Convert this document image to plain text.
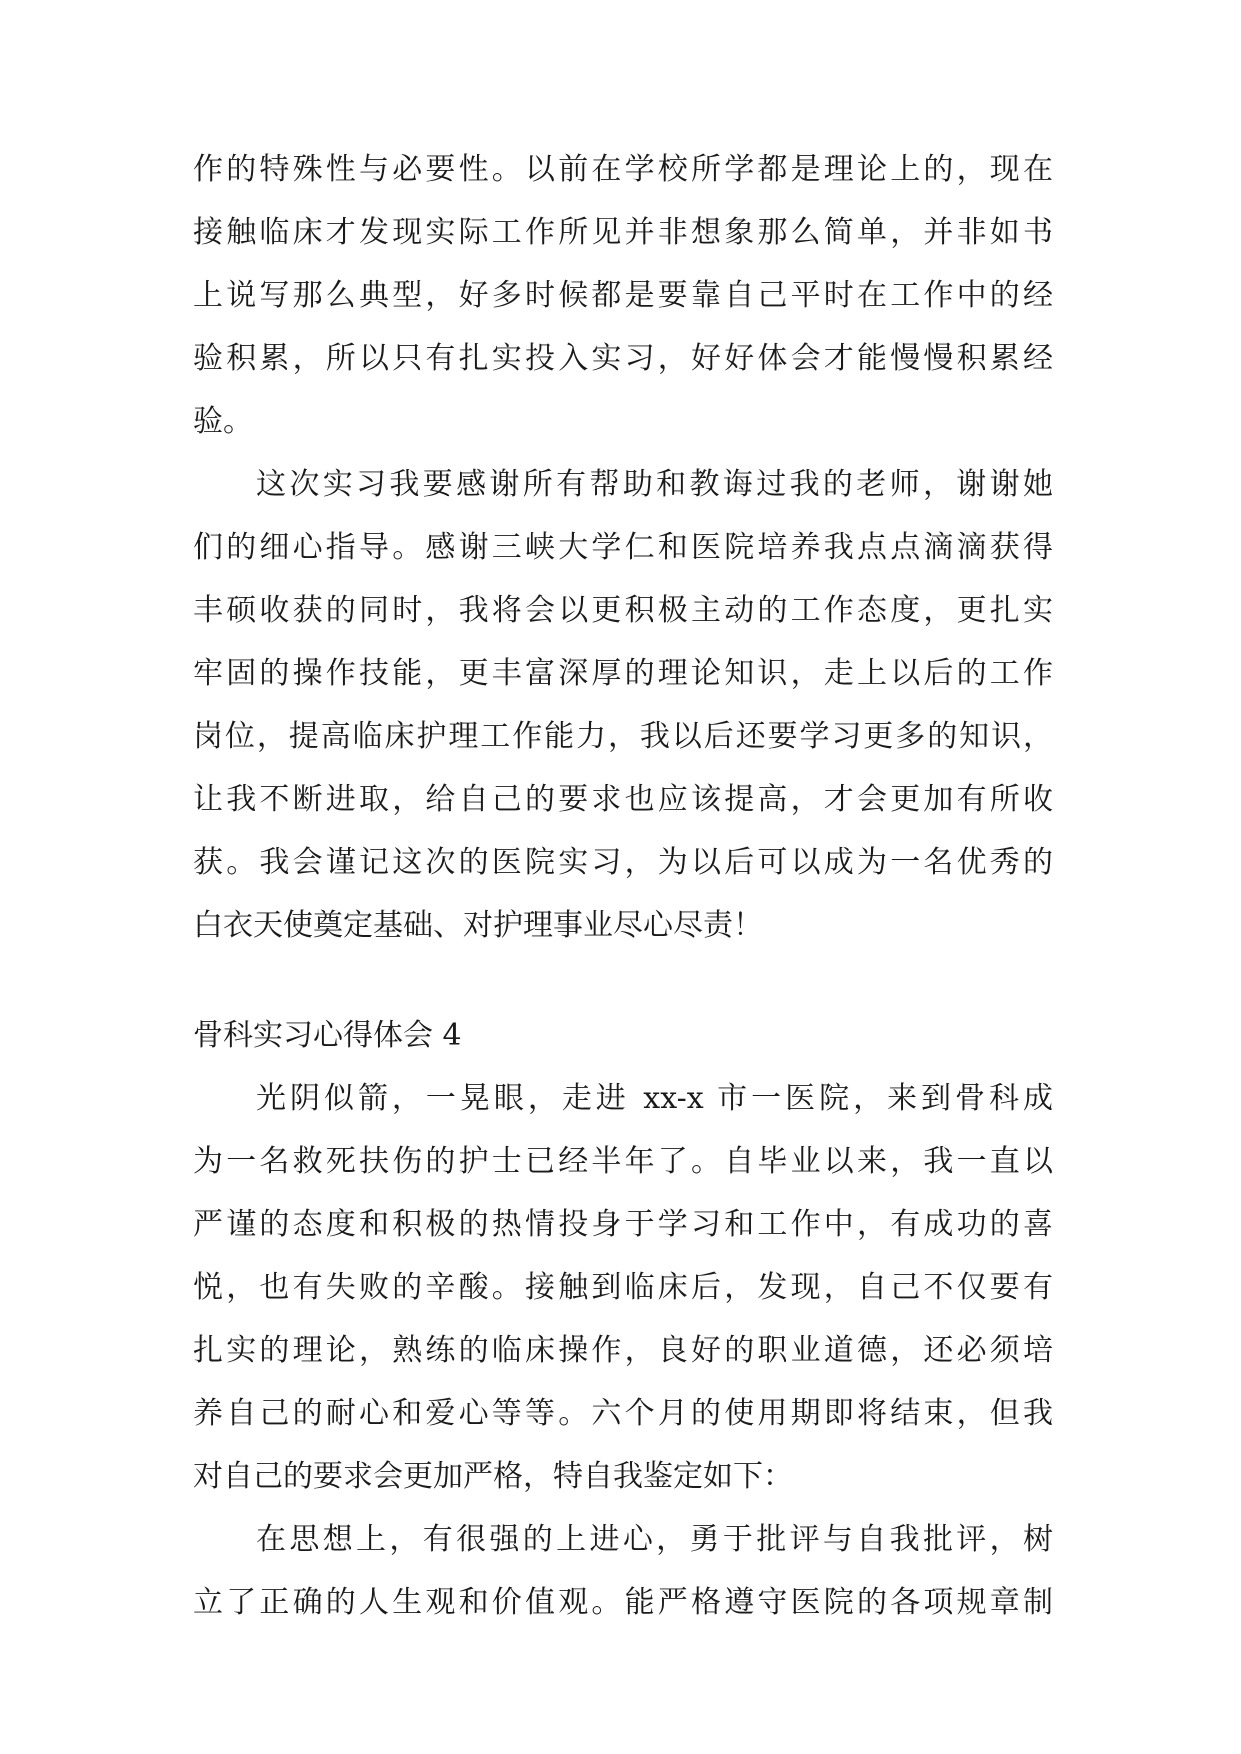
作的特殊性与必要性。以前在学校所学都是理论上的，现在
接触临床才发现实际工作所见并非想象那么简单，并非如书
上说写那么典型，好多时候都是要靠自己平时在工作中的经
验积累，所以只有扎实投入实习，好好体会才能慢慢积累经
验。
这次实习我要感谢所有帮助和教诲过我的老师，谢谢她
们的细心指导。感谢三峡大学仁和医院培养我点点滴滴获得
丰硕收获的同时，我将会以更积极主动的工作态度，更扎实
牢固的操作技能，更丰富深厚的理论知识，走上以后的工作
岗位，提高临床护理工作能力，我以后还要学习更多的知识，
让我不断进取，给自己的要求也应该提高，才会更加有所收
获。我会谨记这次的医院实习，为以后可以成为一名优秀的
白衣天使奠定基础、对护理事业尽心尽责！
骨科实习心得体会 4
光阴似箭，一晃眼，走进 xx-x 市一医院，来到骨科成
为一名救死扶伤的护士已经半年了。自毕业以来，我一直以
严谨的态度和积极的热情投身于学习和工作中，有成功的喜
悦，也有失败的辛酸。接触到临床后，发现，自己不仅要有
扎实的理论，熟练的临床操作，良好的职业道德，还必须培
养自己的耐心和爱心等等。六个月的使用期即将结束，但我
对自己的要求会更加严格，特自我鉴定如下：
在思想上，有很强的上进心，勇于批评与自我批评，树
立了正确的人生观和价值观。能严格遵守医院的各项规章制
